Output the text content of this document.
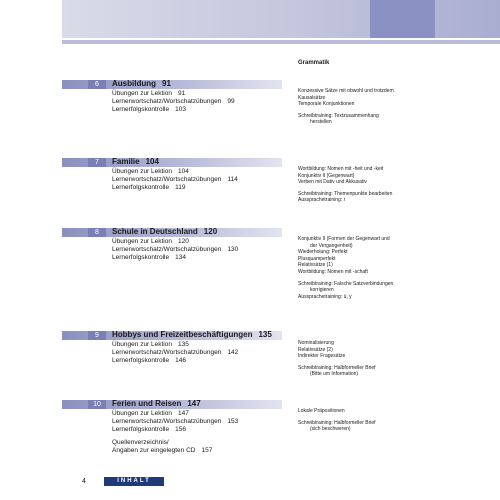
Grammatik
6	Ausbildung 91
Übungen zur Lektion 91
Lernerwortschatz/Wortschatzübungen 99
Lernerfolgskontrolle 103
Konzessive Sätze mit obwohl und trotzdem
Kausalsätze
Temporale Konjunktionen
Schreibtraining: Textzusammenhang
herstellen
7	Familie 104
Übungen zur Lektion 104
Lernerwortschatz/Wortschatzübungen 114
Lernerfolgskontrolle 119
Wortbildung: Nomen mit -heit und -keit
Konjunktiv II (Gegenwart)
Verben mit Dativ und Akkusativ
Schreibtraining: Themenpunkte bearbeiten
Aussprachetraining: r
8	Schule in Deutschland 120
Übungen zur Lektion 120
Lernerwortschatz/Wortschatzübungen 130
Lernerfolgskontrolle 134
Konjunktiv II (Formen der Gegenwart und
der Vergangenheit)
Wiederholung: Perfekt
Plusquamperfekt
Relativsätze (1)
Wortbildung: Nomen mit -schaft
Schreibtraining: Falsche Satzverbindungen
korrigieren
Aussprachetraining: ü, y
9	Hobbys und Freizeitbeschäftigungen 135
Übungen zur Lektion 135
Lernerwortschatz/Wortschatzübungen 142
Lernerfolgskontrolle 146
Nominalisierung
Relativsätze (2)
Indirekter Fragesätze
Schreibtraining: Halbformeller Brief
(Bitte um Information)
10	Ferien und Reisen 147
Übungen zur Lektion 147
Lernerwortschatz/Wortschatzübungen 153
Lernerfolgskontrolle 156
Lokale Präpositionen
Schreibtraining: Halbformeller Brief
(sich beschweren)
Quellenverzeichnis/
Angaben zur eingelegten CD 157
4	INHALT
